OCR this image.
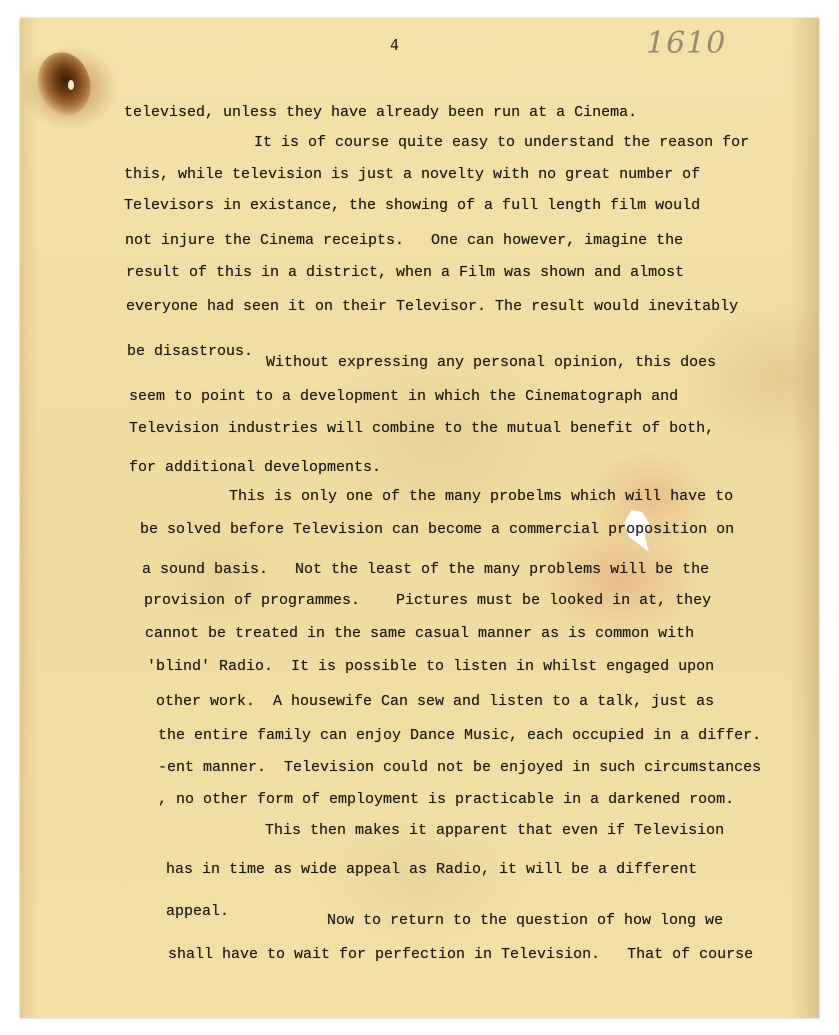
4	1610
televised, unless they have already been run at a Cinema.
It is of course quite easy to understand the reason for
this, while television is just a novelty with no great number of
Televisors in existance, the showing of a full length film would
not injure the Cinema receipts.   One can however, imagine the
result of this in a district, when a Film was shown and almost
everyone had seen it on their Televisor. The result would inevitably
be disastrous.
Without expressing any personal opinion, this does
seem to point to a development in which the Cinematograph and
Television industries will combine to the mutual benefit of both,
for additional developments.
This is only one of the many probelms which will have to
be solved before Television can become a commercial proposition on
a sound basis.   Not the least of the many problems will be the
provision of programmes.    Pictures must be looked in at, they
cannot be treated in the same casual manner as is common with
'blind' Radio.  It is possible to listen in whilst engaged upon
other work.  A housewife Can sew and listen to a talk, just as
the entire family can enjoy Dance Music, each occupied in a differ.
-ent manner.  Television could not be enjoyed in such circumstances
, no other form of employment is practicable in a darkened room.
This then makes it apparent that even if Television
has in time as wide appeal as Radio, it will be a different
appeal.
Now to return to the question of how long we
shall have to wait for perfection in Television.   That of course
